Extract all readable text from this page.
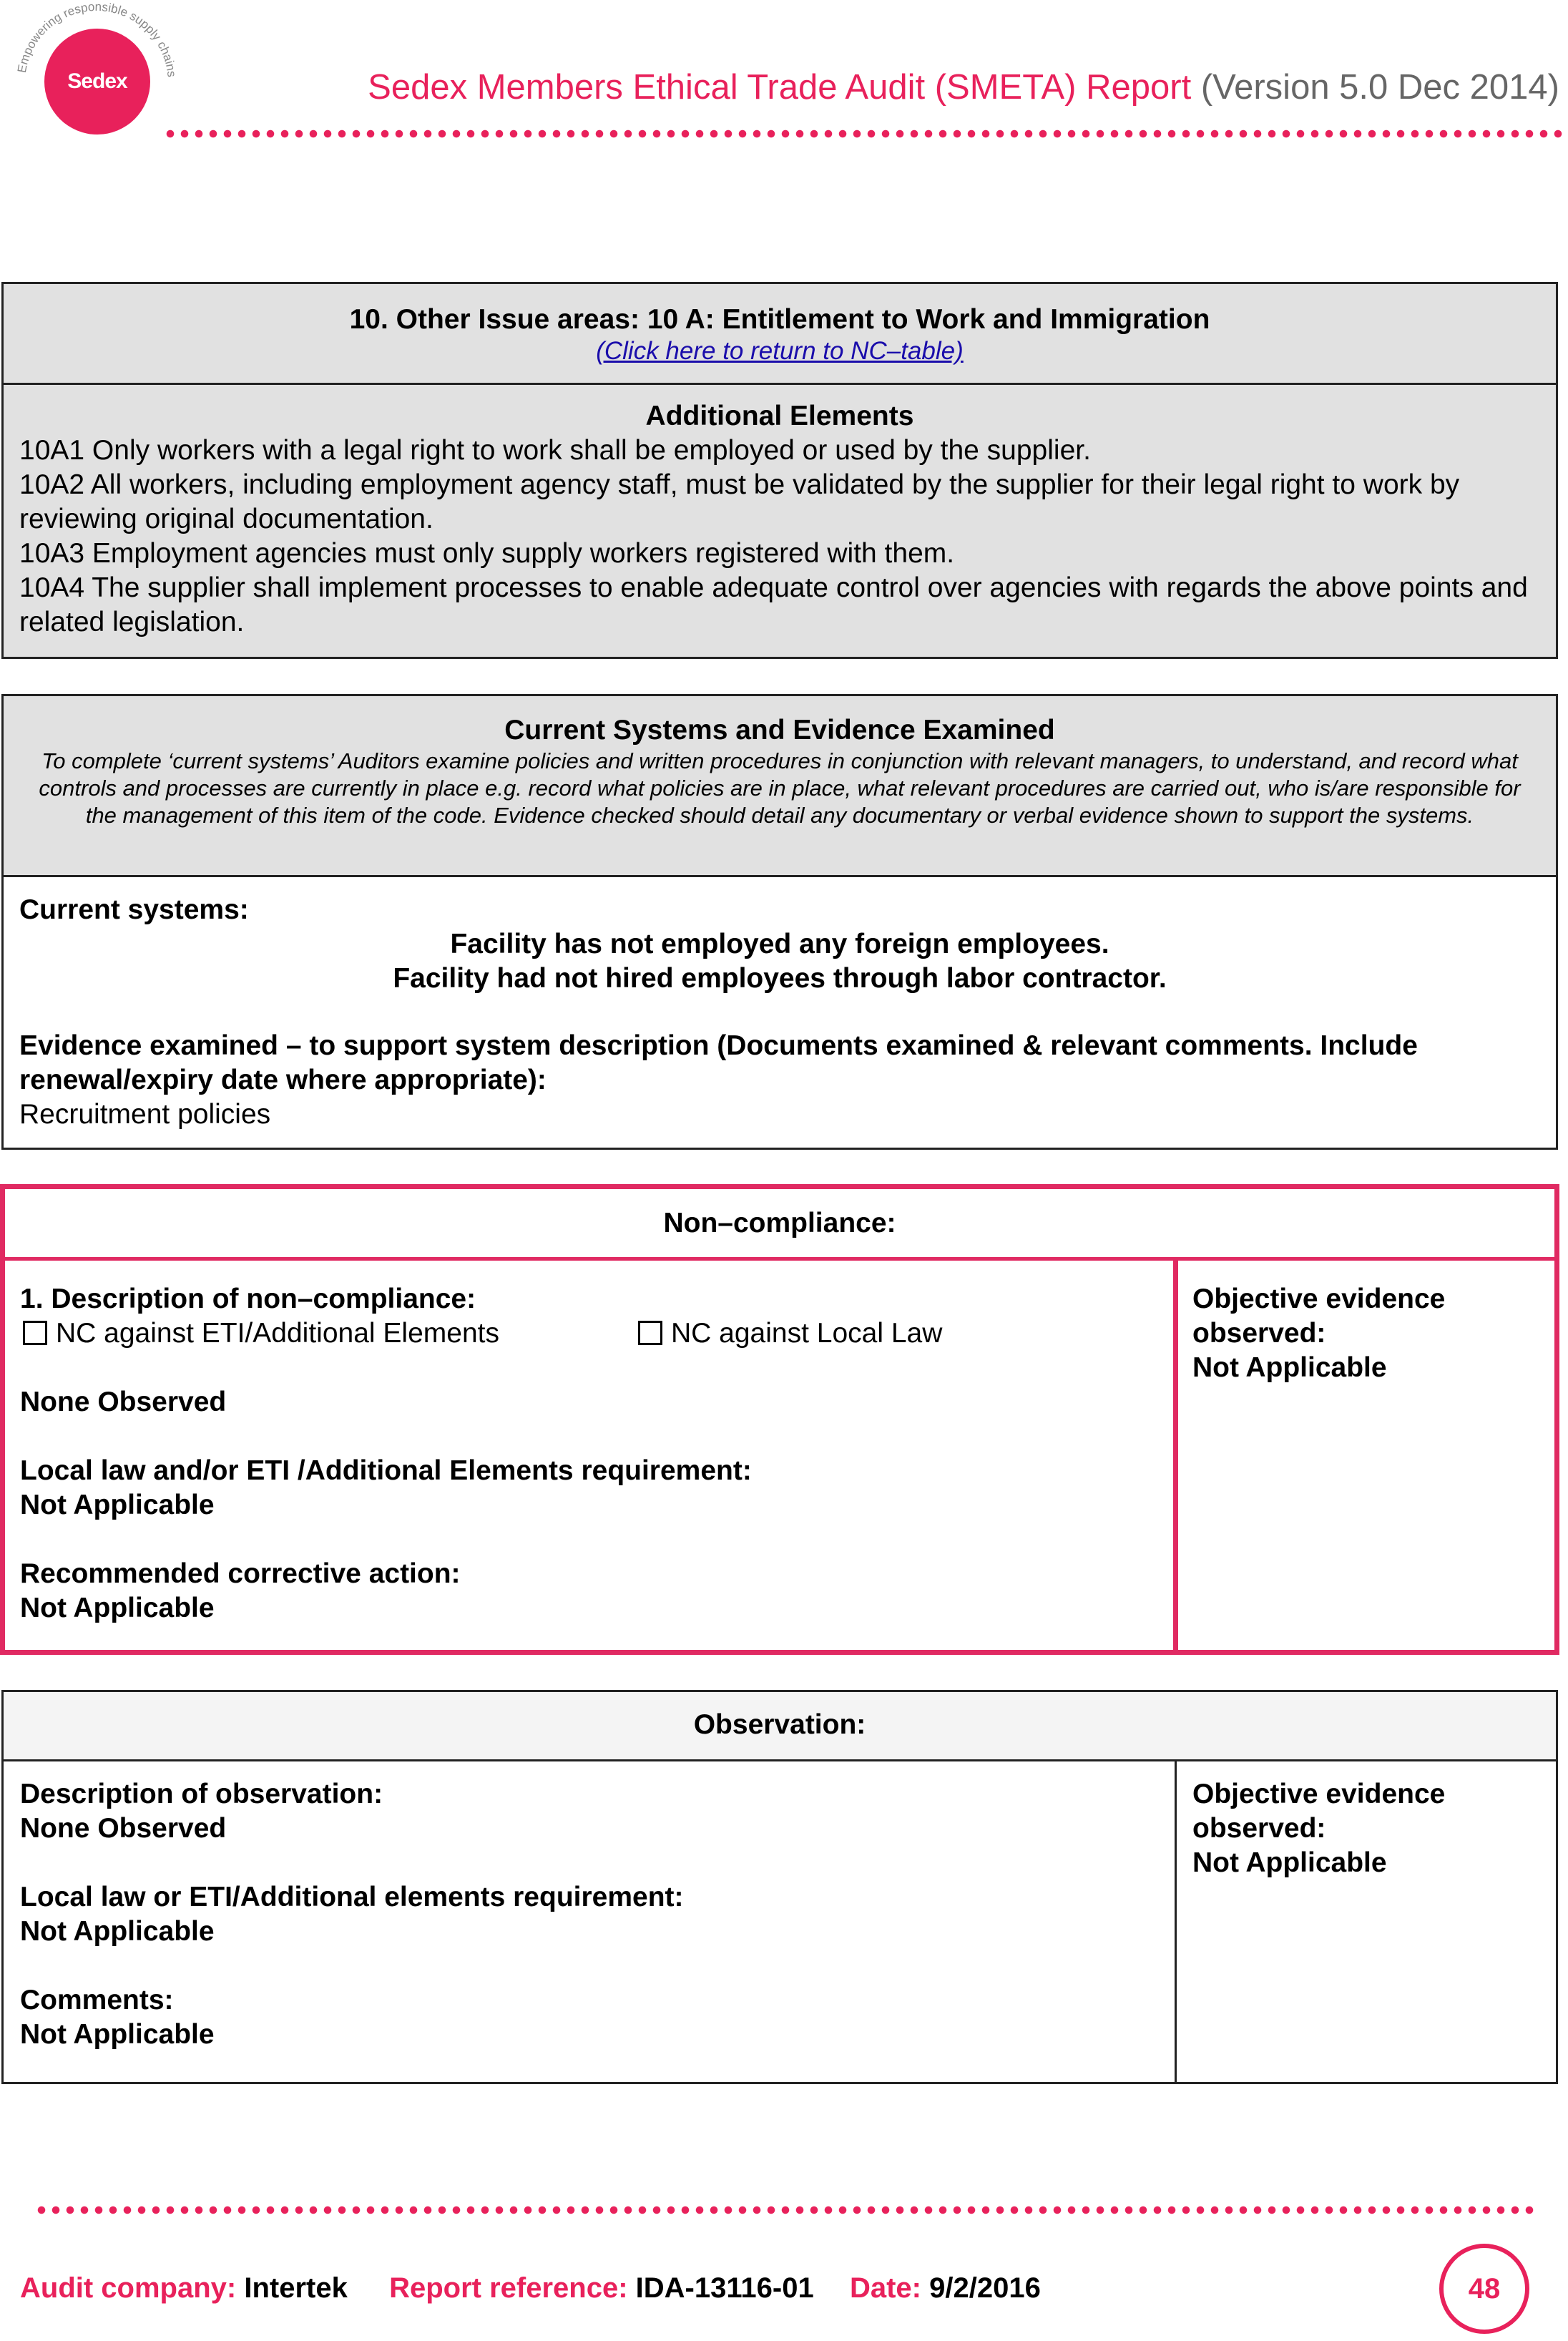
Empowering responsible supply chains
Sedex	Sedex Members Ethical Trade Audit (SMETA) Report (Version 5.0 Dec 2014)
10. Other Issue areas: 10 A: Entitlement to Work and Immigration
(Click here to return to NC–table)
Additional Elements
10A1 Only workers with a legal right to work shall be employed or used by the supplier.
10A2 All workers, including employment agency staff, must be validated by the supplier for their legal right to work by reviewing original documentation.
10A3 Employment agencies must only supply workers registered with them.
10A4 The supplier shall implement processes to enable adequate control over agencies with regards the above points and related legislation.
Current Systems and Evidence Examined
To complete ‘current systems’ Auditors examine policies and written procedures in conjunction with relevant managers, to understand, and record what controls and processes are currently in place e.g. record what policies are in place, what relevant procedures are carried out, who is/are responsible for the management of this item of the code. Evidence checked should detail any documentary or verbal evidence shown to support the systems.
Current systems:
Facility has not employed any foreign employees.
Facility had not hired employees through labor contractor.
Evidence examined – to support system description (Documents examined & relevant comments. Include renewal/expiry date where appropriate):
Recruitment policies
Non–compliance:
1. Description of non–compliance:
NC against ETI/Additional Elements	NC against Local Law
None Observed
Local law and/or ETI /Additional Elements requirement:
Not Applicable
Recommended corrective action:
Not Applicable
Objective evidence
observed:
Not Applicable
Observation:
Description of observation:
None Observed
Local law or ETI/Additional elements requirement:
Not Applicable
Comments:
Not Applicable
Objective evidence
observed:
Not Applicable
Audit company: Intertek Report reference: IDA-13116-01 Date: 9/2/2016	48
